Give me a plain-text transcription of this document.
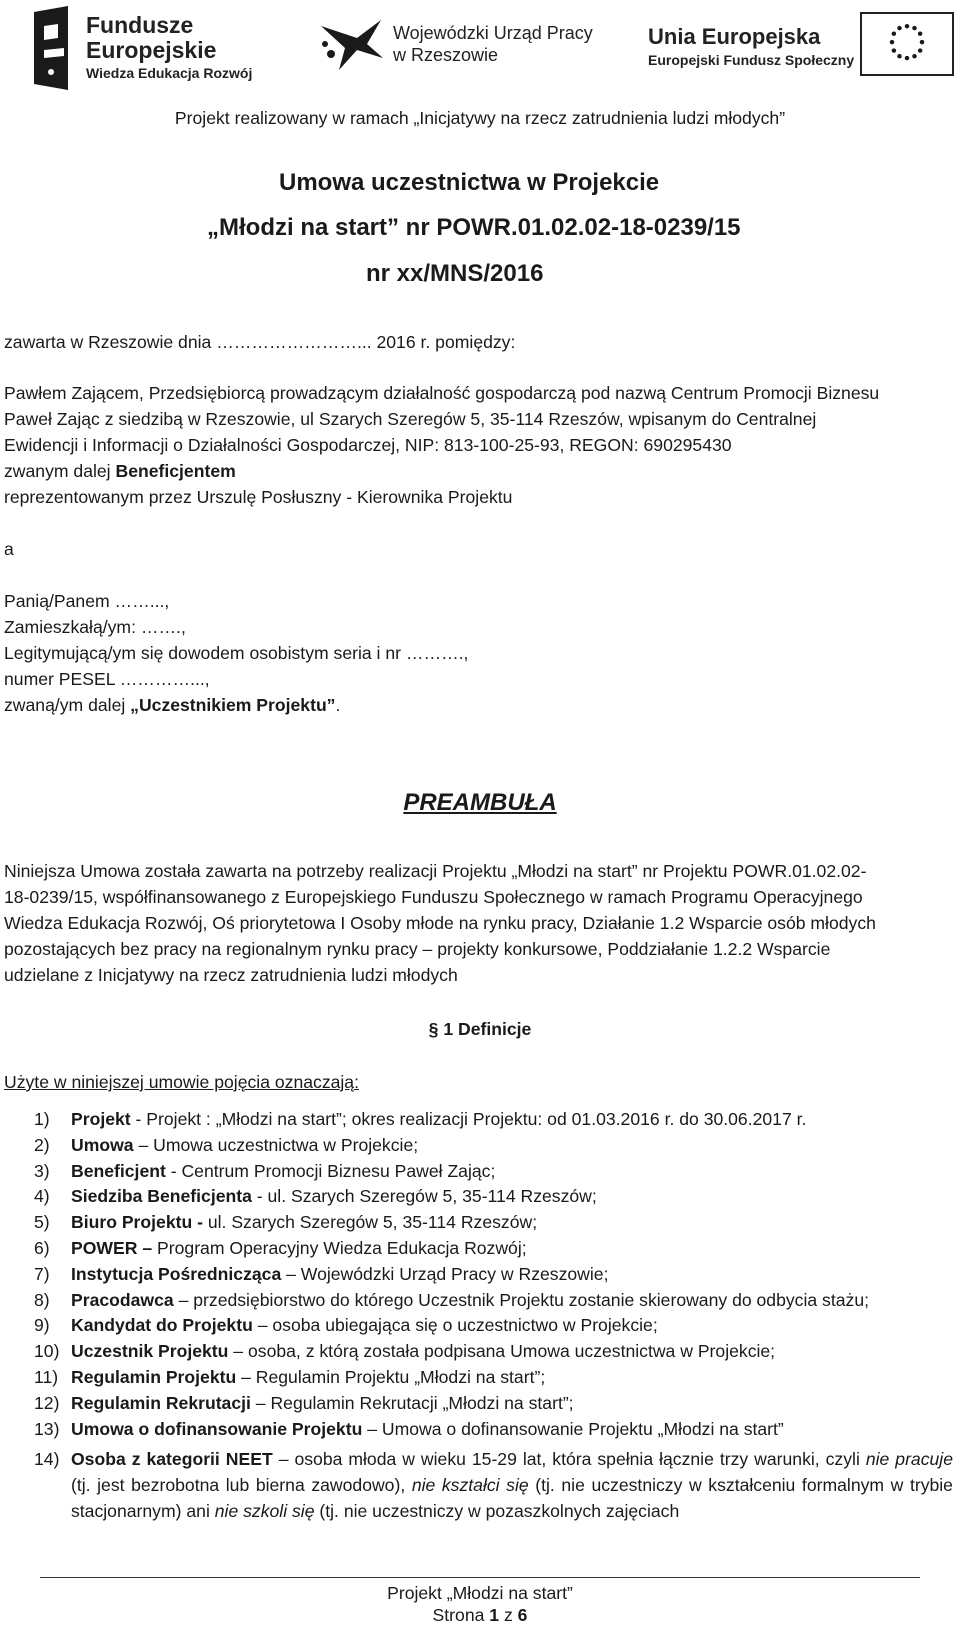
Fundusze
Europejskie
Wiedza Edukacja Rozwój
Wojewódzki Urząd Pracy
w Rzeszowie
Unia Europejska
Europejski Fundusz Społeczny
Projekt realizowany w ramach „Inicjatywy na rzecz zatrudnienia ludzi młodych”
Umowa uczestnictwa w Projekcie
„Młodzi na start” nr POWR.01.02.02-18-0239/15
nr xx/MNS/2016
zawarta w Rzeszowie dnia ……………………... 2016 r. pomiędzy:
Pawłem Zającem, Przedsiębiorcą prowadzącym działalność gospodarczą pod nazwą Centrum Promocji Biznesu
Paweł Zając z siedzibą w Rzeszowie, ul Szarych Szeregów 5, 35-114 Rzeszów, wpisanym do Centralnej
Ewidencji i Informacji o Działalności Gospodarczej, NIP: 813-100-25-93, REGON: 690295430
zwanym dalej Beneficjentem
reprezentowanym przez Urszulę Posłuszny - Kierownika Projektu
a
Panią/Panem ……...,
Zamieszkałą/ym: …….,
Legitymującą/ym się dowodem osobistym seria i nr ……….,
numer PESEL …………...,
zwaną/ym dalej „Uczestnikiem Projektu”.
PREAMBUŁA
Niniejsza Umowa została zawarta na potrzeby realizacji Projektu „Młodzi na start” nr Projektu POWR.01.02.02-
18-0239/15, współfinansowanego z Europejskiego Funduszu Społecznego w ramach Programu Operacyjnego
Wiedza Edukacja Rozwój, Oś priorytetowa I Osoby młode na rynku pracy, Działanie 1.2 Wsparcie osób młodych
pozostających bez pracy na regionalnym rynku pracy – projekty konkursowe, Poddziałanie 1.2.2 Wsparcie
udzielane z Inicjatywy na rzecz zatrudnienia ludzi młodych
§ 1 Definicje
Użyte w niniejszej umowie pojęcia oznaczają:
1) Projekt - Projekt : „Młodzi na start”; okres realizacji Projektu: od 01.03.2016 r. do 30.06.2017 r.
2) Umowa – Umowa uczestnictwa w Projekcie;
3) Beneficjent - Centrum Promocji Biznesu Paweł Zając;
4) Siedziba Beneficjenta - ul. Szarych Szeregów 5, 35-114 Rzeszów;
5) Biuro Projektu - ul. Szarych Szeregów 5, 35-114 Rzeszów;
6) POWER – Program Operacyjny Wiedza Edukacja Rozwój;
7) Instytucja Pośrednicząca – Wojewódzki Urząd Pracy w Rzeszowie;
8) Pracodawca – przedsiębiorstwo do którego Uczestnik Projektu zostanie skierowany do odbycia stażu;
9) Kandydat do Projektu – osoba ubiegająca się o uczestnictwo w Projekcie;
10) Uczestnik Projektu – osoba, z którą została podpisana Umowa uczestnictwa w Projekcie;
11) Regulamin Projektu – Regulamin Projektu „Młodzi na start”;
12) Regulamin Rekrutacji – Regulamin Rekrutacji „Młodzi na start”;
13) Umowa o dofinansowanie Projektu – Umowa o dofinansowanie Projektu „Młodzi na start”
14) Osoba z kategorii NEET – osoba młoda w wieku 15-29 lat, która spełnia łącznie trzy warunki, czyli nie pracuje (tj. jest bezrobotna lub bierna zawodowo), nie kształci się (tj. nie uczestniczy w kształceniu formalnym w trybie stacjonarnym) ani nie szkoli się (tj. nie uczestniczy w pozaszkolnych zajęciach
Projekt „Młodzi na start”
Strona 1 z 6
